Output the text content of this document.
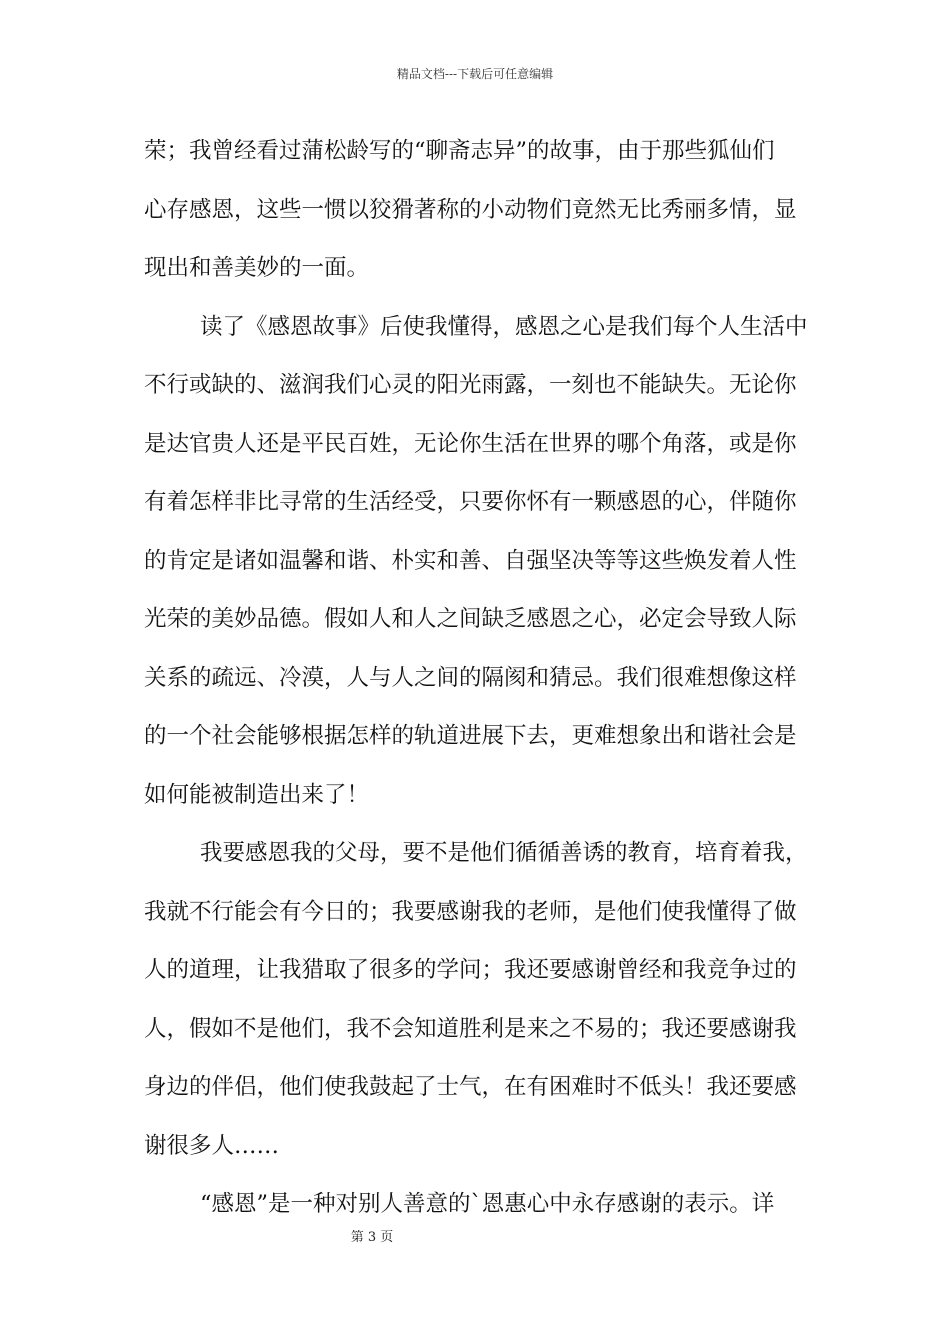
精品文档---下载后可任意编辑
荣；我曾经看过蒲松龄写的“聊斋志异”的故事，由于那些狐仙们
心存感恩，这些一惯以狡猾著称的小动物们竟然无比秀丽多情，显
现出和善美妙的一面。
读了《感恩故事》后使我懂得，感恩之心是我们每个人生活中
不行或缺的、滋润我们心灵的阳光雨露，一刻也不能缺失。无论你
是达官贵人还是平民百姓，无论你生活在世界的哪个角落，或是你
有着怎样非比寻常的生活经受，只要你怀有一颗感恩的心，伴随你
的肯定是诸如温馨和谐、朴实和善、自强坚决等等这些焕发着人性
光荣的美妙品德。假如人和人之间缺乏感恩之心，必定会导致人际
关系的疏远、冷漠，人与人之间的隔阂和猜忌。我们很难想像这样
的一个社会能够根据怎样的轨道进展下去，更难想象出和谐社会是
如何能被制造出来了！
我要感恩我的父母，要不是他们循循善诱的教育，培育着我，
我就不行能会有今日的；我要感谢我的老师，是他们使我懂得了做
人的道理，让我猎取了很多的学问；我还要感谢曾经和我竞争过的
人，假如不是他们，我不会知道胜利是来之不易的；我还要感谢我
身边的伴侣，他们使我鼓起了士气，在有困难时不低头！我还要感
谢很多人……
“感恩”是一种对别人善意的`恩惠心中永存感谢的表示。详
第 3 页
